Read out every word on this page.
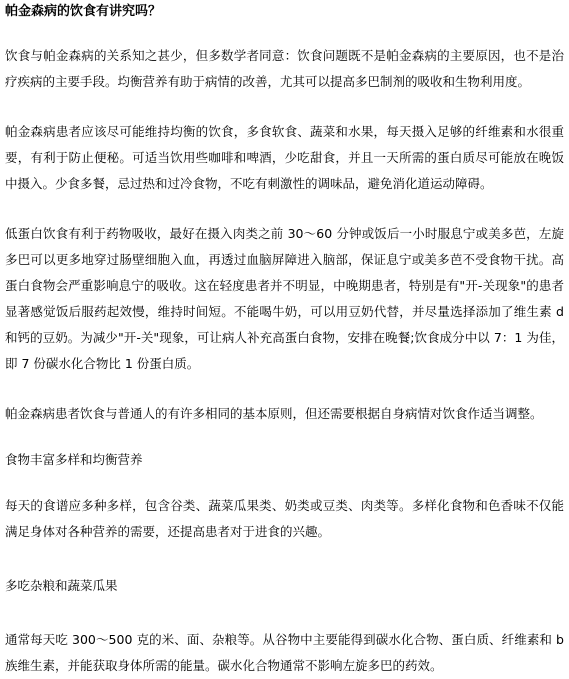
帕金森病的饮食有讲究吗？
饮食与帕金森病的关系知之甚少，但多数学者同意：饮食问题既不是帕金森病的主要原因，也不是治疗疾病的主要手段。均衡营养有助于病情的改善，尤其可以提高多巴制剂的吸收和生物利用度。
帕金森病患者应该尽可能维持均衡的饮食，多食软食、蔬菜和水果，每天摄入足够的纤维素和水很重要，有利于防止便秘。可适当饮用些咖啡和啤酒，少吃甜食，并且一天所需的蛋白质尽可能放在晚饭中摄入。少食多餐，忌过热和过冷食物，不吃有刺激性的调味品，避免消化道运动障碍。
低蛋白饮食有利于药物吸收，最好在摄入肉类之前 30～60 分钟或饭后一小时服息宁或美多芭，左旋多巴可以更多地穿过肠壁细胞入血，再透过血脑屏障进入脑部，保证息宁或美多芭不受食物干扰。高蛋白食物会严重影响息宁的吸收。这在轻度患者并不明显，中晚期患者，特别是有"开-关现象"的患者显著感觉饭后服药起效慢，维持时间短。不能喝牛奶，可以用豆奶代替，并尽量选择添加了维生素 d 和钙的豆奶。为减少"开-关"现象，可让病人补充高蛋白食物，安排在晚餐;饮食成分中以 7：1 为佳，即 7 份碳水化合物比 1 份蛋白质。
帕金森病患者饮食与普通人的有许多相同的基本原则，但还需要根据自身病情对饮食作适当调整。
食物丰富多样和均衡营养
每天的食谱应多种多样，包含谷类、蔬菜瓜果类、奶类或豆类、肉类等。多样化食物和色香味不仅能满足身体对各种营养的需要，还提高患者对于进食的兴趣。
多吃杂粮和蔬菜瓜果
通常每天吃 300～500 克的米、面、杂粮等。从谷物中主要能得到碳水化合物、蛋白质、纤维素和 b 族维生素，并能获取身体所需的能量。碳水化合物通常不影响左旋多巴的药效。
